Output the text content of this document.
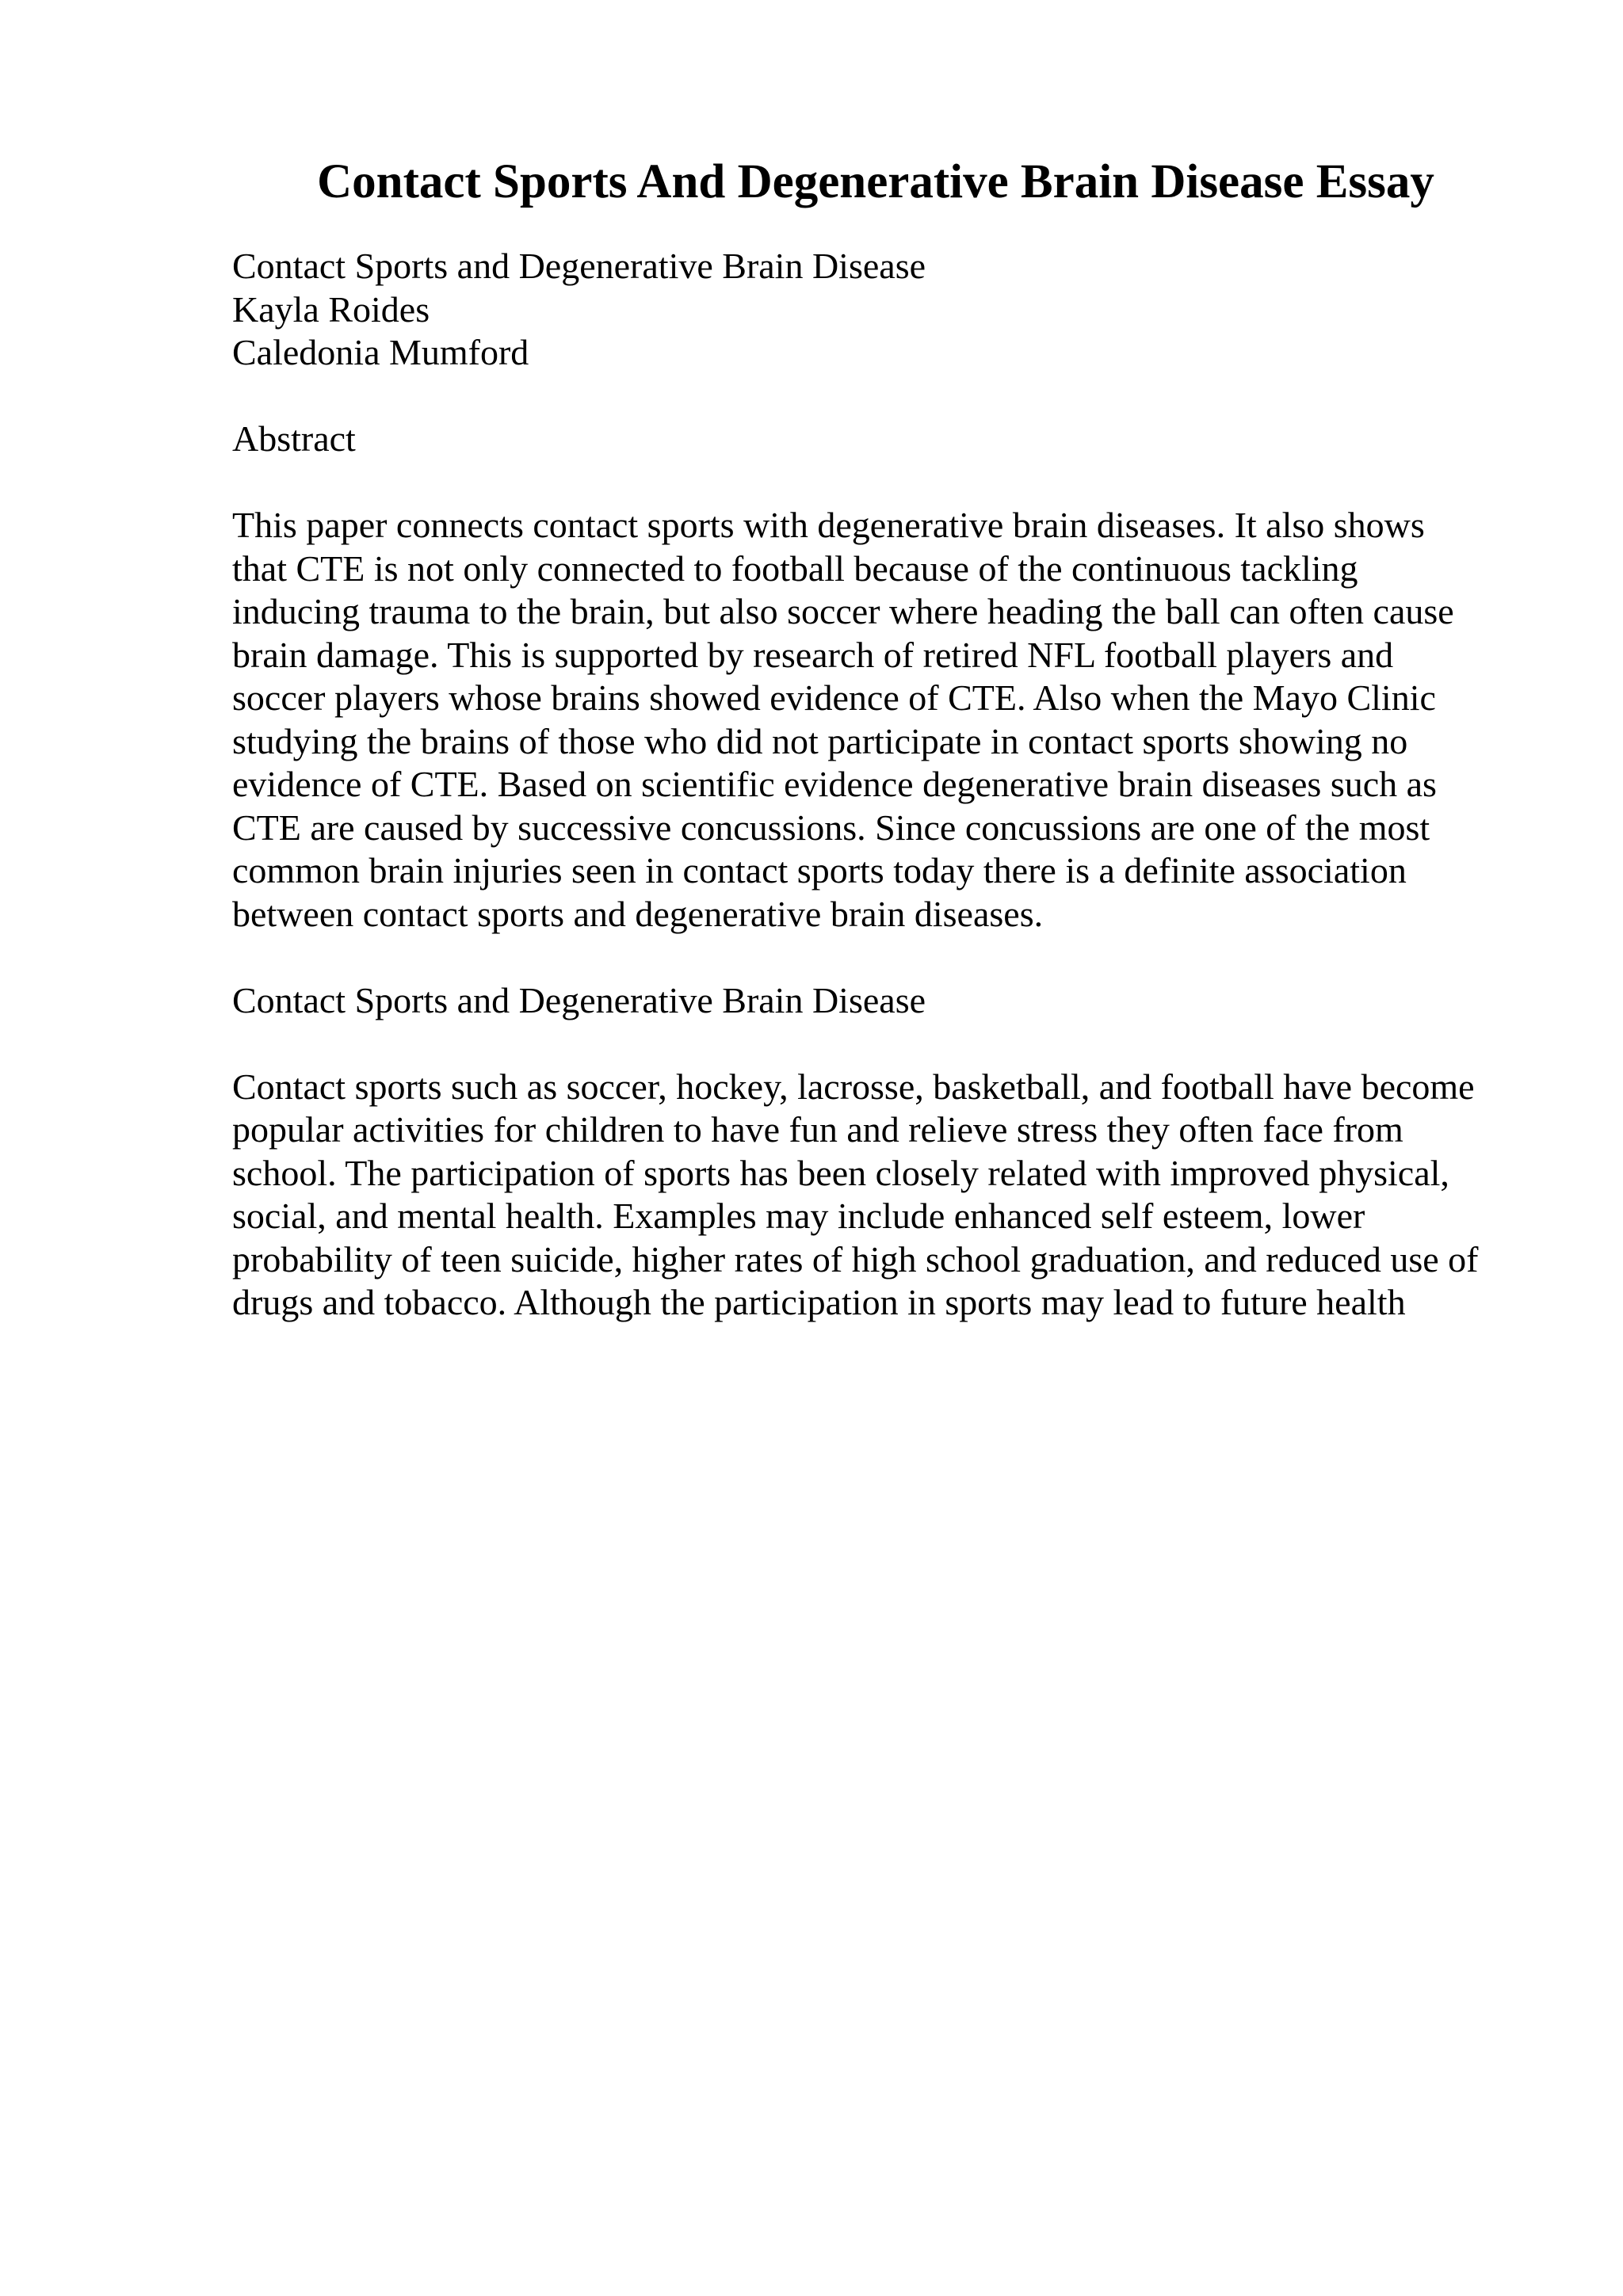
Contact Sports And Degenerative Brain Disease Essay
Contact Sports and Degenerative Brain Disease
Kayla Roides
Caledonia Mumford
Abstract
This paper connects contact sports with degenerative brain diseases. It also shows
that CTE is not only connected to football because of the continuous tackling
inducing trauma to the brain, but also soccer where heading the ball can often cause
brain damage. This is supported by research of retired NFL football players and
soccer players whose brains showed evidence of CTE. Also when the Mayo Clinic
studying the brains of those who did not participate in contact sports showing no
evidence of CTE. Based on scientific evidence degenerative brain diseases such as
CTE are caused by successive concussions. Since concussions are one of the most
common brain injuries seen in contact sports today there is a definite association
between contact sports and degenerative brain diseases.
Contact Sports and Degenerative Brain Disease
Contact sports such as soccer, hockey, lacrosse, basketball, and football have become
popular activities for children to have fun and relieve stress they often face from
school. The participation of sports has been closely related with improved physical,
social, and mental health. Examples may include enhanced self esteem, lower
probability of teen suicide, higher rates of high school graduation, and reduced use of
drugs and tobacco. Although the participation in sports may lead to future health
